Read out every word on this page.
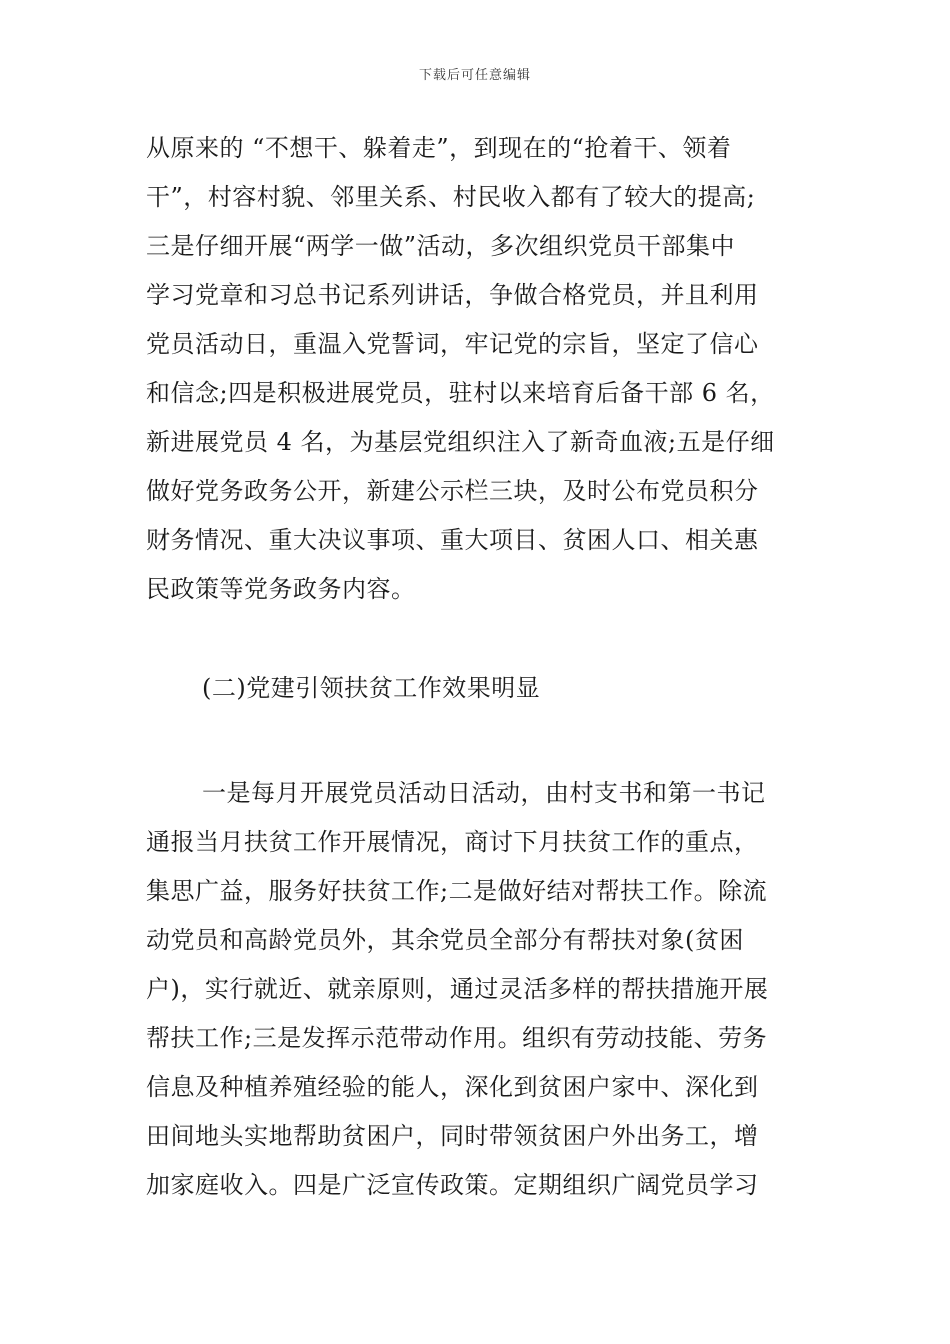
下载后可任意编辑
从原来的 “不想干、躲着走”，到现在的“抢着干、领着
干”，村容村貌、邻里关系、村民收入都有了较大的提高;
三是仔细开展“两学一做”活动，多次组织党员干部集中
学习党章和习总书记系列讲话，争做合格党员，并且利用
党员活动日，重温入党誓词，牢记党的宗旨，坚定了信心
和信念;四是积极进展党员，驻村以来培育后备干部 6 名，
新进展党员 4 名，为基层党组织注入了新奇血液;五是仔细
做好党务政务公开，新建公示栏三块，及时公布党员积分
财务情况、重大决议事项、重大项目、贫困人口、相关惠
民政策等党务政务内容。
(二)党建引领扶贫工作效果明显
一是每月开展党员活动日活动，由村支书和第一书记
通报当月扶贫工作开展情况，商讨下月扶贫工作的重点，
集思广益，服务好扶贫工作;二是做好结对帮扶工作。除流
动党员和高龄党员外，其余党员全部分有帮扶对象(贫困
户)，实行就近、就亲原则，通过灵活多样的帮扶措施开展
帮扶工作;三是发挥示范带动作用。组织有劳动技能、劳务
信息及种植养殖经验的能人，深化到贫困户家中、深化到
田间地头实地帮助贫困户，同时带领贫困户外出务工，增
加家庭收入。四是广泛宣传政策。定期组织广阔党员学习
